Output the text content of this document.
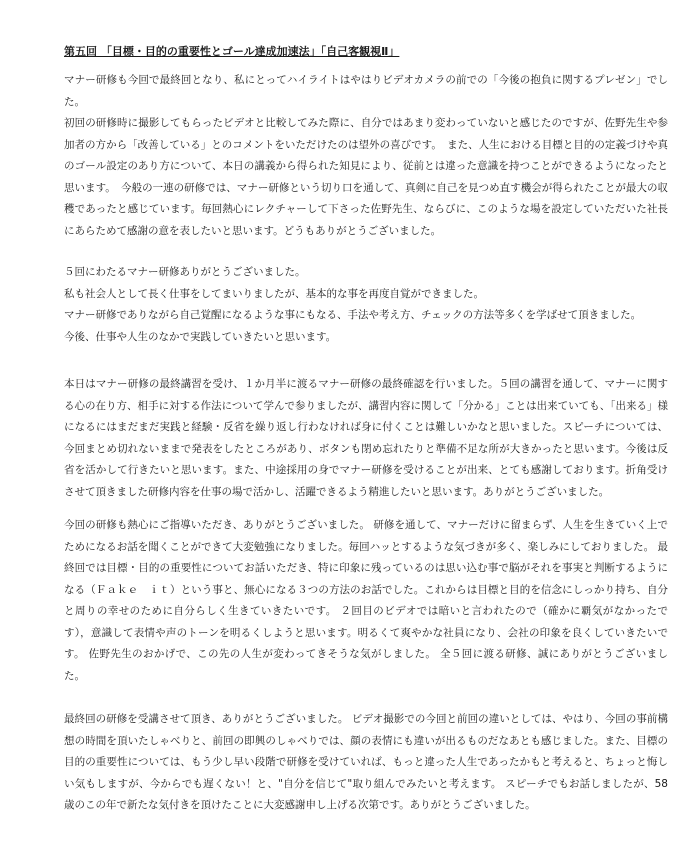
第五回 「目標・目的の重要性とゴール達成加速法」「自己客観視Ⅱ」

マナー研修も今回で最終回となり、私にとってハイライトはやはりビデオカメラの前での「今後の抱負に関するプレゼン」でした。

初回の研修時に撮影してもらったビデオと比較してみた際に、自分ではあまり変わっていないと感じたのですが、佐野先生や参加者の方から「改善している」とのコメントをいただけたのは望外の喜びです。　また、人生における目標と目的の定義づけや真のゴール設定のあり方について、本日の講義から得られた知見により、従前とは違った意識を持つことができるようになったと思います。　今般の一連の研修では、マナー研修という切り口を通して、真剣に自己を見つめ直す機会が得られたことが最大の収穫であったと感じています。毎回熱心にレクチャーして下さった佐野先生、ならびに、このような場を設定していただいた社長にあらためて感謝の意を表したいと思います。どうもありがとうございました。

５回にわたるマナー研修ありがとうございました。

私も社会人として長く仕事をしてまいりましたが、基本的な事を再度自覚ができました。

マナー研修でありながら自己覚醒になるような事にもなる、手法や考え方、チェックの方法等多くを学ばせて頂きました。

今後、仕事や人生のなかで実践していきたいと思います。

本日はマナー研修の最終講習を受け、１か月半に渡るマナー研修の最終確認を行いました。５回の講習を通して、マナーに関する心の在り方、相手に対する作法について学んで参りましたが、講習内容に関して「分かる」ことは出来ていても、「出来る」様になるにはまだまだ実践と経験・反省を繰り返し行わなければ身に付くことは難しいかなと思いました。スピーチについては、今回まとめ切れないままで発表をしたところがあり、ボタンも閉め忘れたりと準備不足な所が大きかったと思います。今後は反省を活かして行きたいと思います。また、中途採用の身でマナー研修を受けることが出来、とても感謝しております。折角受けさせて頂きました研修内容を仕事の場で活かし、活躍できるよう精進したいと思います。ありがとうございました。

今回の研修も熱心にご指導いただき、ありがとうございました。 研修を通して、マナーだけに留まらず、人生を生きていく上でためになるお話を聞くことができて大変勉強になりました。毎回ハッとするような気づきが多く、楽しみにしておりました。 最終回では目標・目的の重要性についてお話いただき、特に印象に残っているのは思い込む事で脳がそれを事実と判断するようになる（Ｆａｋｅ　ｉｔ）という事と、無心になる３つの方法のお話でした。これからは目標と目的を信念にしっかり持ち、自分と周りの幸せのために自分らしく生きていきたいです。 ２回目のビデオでは暗いと言われたので（確かに覇気がなかったです），意識して表情や声のトーンを明るくしようと思います。明るくて爽やかな社員になり、会社の印象を良くしていきたいです。 佐野先生のおかげで、この先の人生が変わってきそうな気がしました。 全５回に渡る研修、誠にありがとうございました。

最終回の研修を受講させて頂き、ありがとうございました。 ビデオ撮影での今回と前回の違いとしては、やはり、今回の事前構想の時間を頂いたしゃべりと、前回の即興のしゃべりでは、顔の表情にも違いが出るものだなあとも感じました。また、目標の目的の重要性については、もう少し早い段階で研修を受けていれば、もっと違った人生であったかもと考えると、ちょっと悔しい気もしますが、今からでも遅くない！と、"自分を信じて"取り組んでみたいと考えます。 スピーチでもお話しましたが、58 歳のこの年で新たな気付きを頂けたことに大変感謝申し上げる次第です。ありがとうございました。
